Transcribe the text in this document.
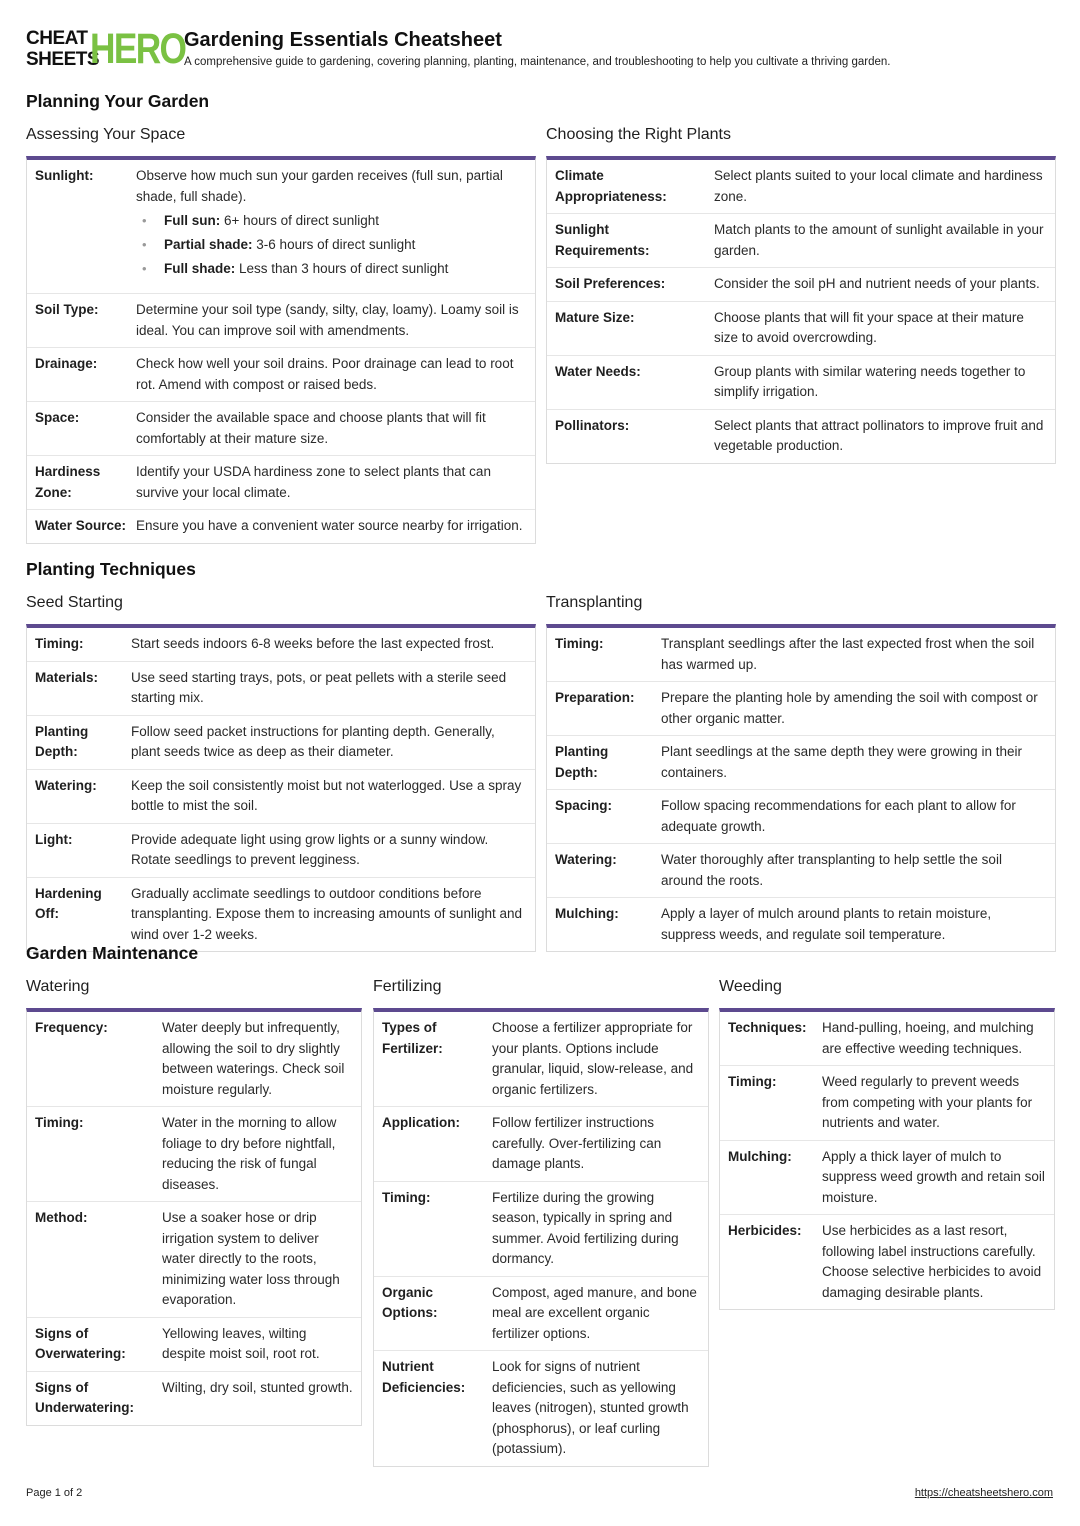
CHEAT
SHEETS
HERO
Gardening Essentials Cheatsheet
A comprehensive guide to gardening, covering planning, planting, maintenance, and troubleshooting to help you cultivate a thriving garden.
Planning Your Garden
Assessing Your Space
Sunlight:	Observe how much sun your garden receives (full sun, partial shade, full shade).
• Full sun: 6+ hours of direct sunlight
• Partial shade: 3-6 hours of direct sunlight
• Full shade: Less than 3 hours of direct sunlight
Soil Type:	Determine your soil type (sandy, silty, clay, loamy). Loamy soil is ideal. You can improve soil with amendments.
Drainage:	Check how well your soil drains. Poor drainage can lead to root rot. Amend with compost or raised beds.
Space:	Consider the available space and choose plants that will fit comfortably at their mature size.
Hardiness Zone:
Identify your USDA hardiness zone to select plants that can survive your local climate.
Water Source: Ensure you have a convenient water source nearby for irrigation.
Choosing the Right Plants
Climate Appropriateness:
Select plants suited to your local climate and hardiness zone.
Sunlight Requirements:
Match plants to the amount of sunlight available in your garden.
Soil Preferences:	Consider the soil pH and nutrient needs of your plants.
Mature Size:	Choose plants that will fit your space at their mature size to avoid overcrowding.
Water Needs:	Group plants with similar watering needs together to simplify irrigation.
Pollinators:	Select plants that attract pollinators to improve fruit and vegetable production.
Planting Techniques
Seed Starting
Timing:	Start seeds indoors 6-8 weeks before the last expected frost.
Materials:	Use seed starting trays, pots, or peat pellets with a sterile seed starting mix.
Planting Depth:
Follow seed packet instructions for planting depth. Generally, plant seeds twice as deep as their diameter.
Watering:	Keep the soil consistently moist but not waterlogged. Use a spray bottle to mist the soil.
Light:	Provide adequate light using grow lights or a sunny window. Rotate seedlings to prevent legginess.
Hardening Off:
Gradually acclimate seedlings to outdoor conditions before transplanting. Expose them to increasing amounts of sunlight and wind over 1-2 weeks.
Transplanting
Timing:	Transplant seedlings after the last expected frost when the soil has warmed up.
Preparation:	Prepare the planting hole by amending the soil with compost or other organic matter.
Planting Depth:
Plant seedlings at the same depth they were growing in their containers.
Spacing:	Follow spacing recommendations for each plant to allow for adequate growth.
Watering:	Water thoroughly after transplanting to help settle the soil around the roots.
Mulching:	Apply a layer of mulch around plants to retain moisture, suppress weeds, and regulate soil temperature.
Garden Maintenance
Watering
Frequency:	Water deeply but infrequently, allowing the soil to dry slightly between waterings. Check soil moisture regularly.
Timing:	Water in the morning to allow foliage to dry before nightfall, reducing the risk of fungal diseases.
Method:	Use a soaker hose or drip irrigation system to deliver water directly to the roots, minimizing water loss through evaporation.
Signs of Overwatering:
Yellowing leaves, wilting despite moist soil, root rot.
Signs of Underwatering:
Wilting, dry soil, stunted growth.
Fertilizing
Types of Fertilizer:
Choose a fertilizer appropriate for your plants. Options include granular, liquid, slow-release, and organic fertilizers.
Application:	Follow fertilizer instructions carefully. Over-fertilizing can damage plants.
Timing:	Fertilize during the growing season, typically in spring and summer. Avoid fertilizing during dormancy.
Organic Options:
Compost, aged manure, and bone meal are excellent organic fertilizer options.
Nutrient Deficiencies:
Look for signs of nutrient deficiencies, such as yellowing leaves (nitrogen), stunted growth (phosphorus), or leaf curling (potassium).
Weeding
Techniques:	Hand-pulling, hoeing, and mulching are effective weeding techniques.
Timing:	Weed regularly to prevent weeds from competing with your plants for nutrients and water.
Mulching:	Apply a thick layer of mulch to suppress weed growth and retain soil moisture.
Herbicides:	Use herbicides as a last resort, following label instructions carefully. Choose selective herbicides to avoid damaging desirable plants.
Page 1 of 2	https://cheatsheetshero.com
